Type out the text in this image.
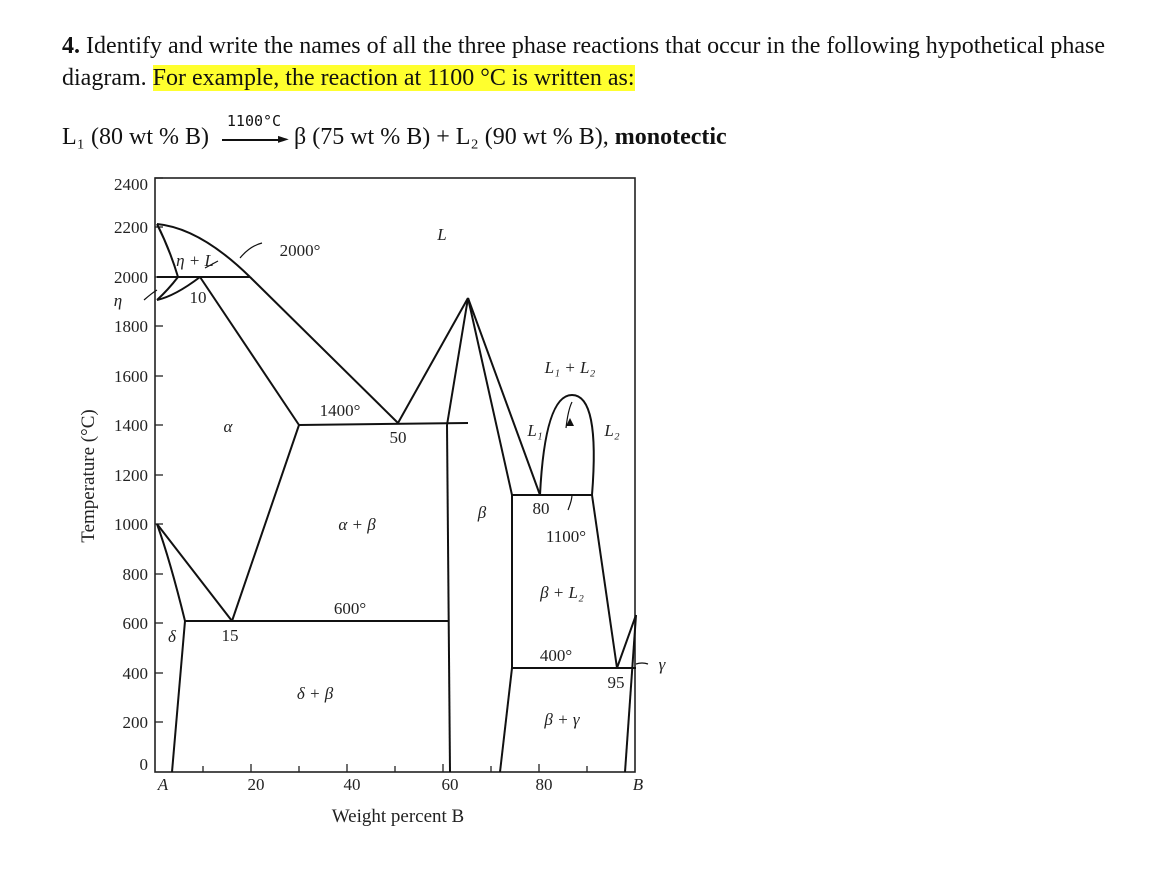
4. Identify and write the names of all the three phase reactions that occur in the following hypothetical phase diagram. For example, the reaction at 1100 °C is written as:
L₁ (80 wt % B)
1100°C
► β (75 wt % B) + L₂ (90 wt % B), monotectic
2400
2200
2000
1800
1600
1400
1200
1000
800
600
400
200
0
A	20	40	60	80	B
Weight percent B
Temperature (°C)
L
η + L
η
α
α + β
β
δ
δ + β
L₁ + L₂
L₁	L₂
β + L₂
β + γ
γ
2000°
1400°
1100°
600°
400°
10
50
80
15
95
